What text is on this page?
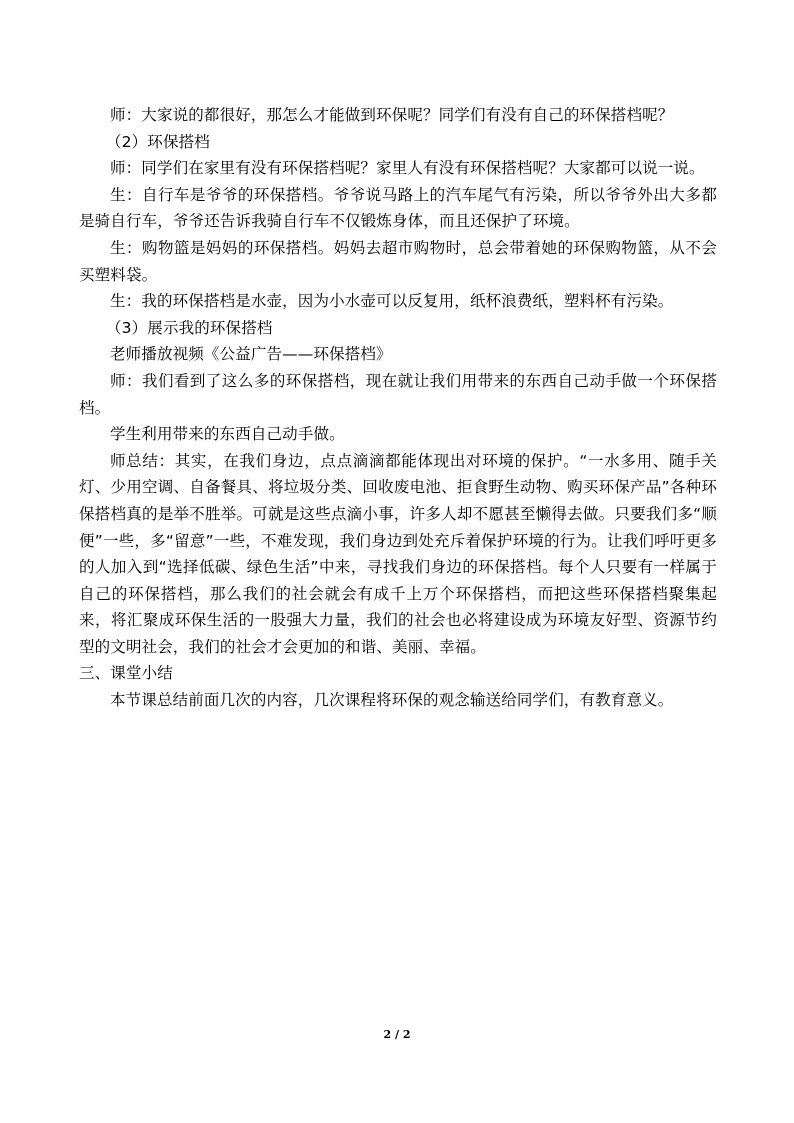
师：大家说的都很好，那怎么才能做到环保呢？同学们有没有自己的环保搭档呢？

（2）环保搭档

师：同学们在家里有没有环保搭档呢？家里人有没有环保搭档呢？大家都可以说一说。

生：自行车是爷爷的环保搭档。爷爷说马路上的汽车尾气有污染，所以爷爷外出大多都是骑自行车，爷爷还告诉我骑自行车不仅锻炼身体，而且还保护了环境。

生：购物篮是妈妈的环保搭档。妈妈去超市购物时，总会带着她的环保购物篮，从不会买塑料袋。

生：我的环保搭档是水壶，因为小水壶可以反复用，纸杯浪费纸，塑料杯有污染。

（3）展示我的环保搭档

老师播放视频《公益广告——环保搭档》

师：我们看到了这么多的环保搭档，现在就让我们用带来的东西自己动手做一个环保搭档。

学生利用带来的东西自己动手做。

师总结：其实，在我们身边，点点滴滴都能体现出对环境的保护。“一水多用、随手关灯、少用空调、自备餐具、将垃圾分类、回收废电池、拒食野生动物、购买环保产品”各种环保搭档真的是举不胜举。可就是这些点滴小事，许多人却不愿甚至懒得去做。只要我们多“顺便”一些，多“留意”一些，不难发现，我们身边到处充斥着保护环境的行为。让我们呼吁更多的人加入到“选择低碳、绿色生活”中来，寻找我们身边的环保搭档。每个人只要有一样属于自己的环保搭档，那么我们的社会就会有成千上万个环保搭档，而把这些环保搭档聚集起来，将汇聚成环保生活的一股强大力量，我们的社会也必将建设成为环境友好型、资源节约型的文明社会，我们的社会才会更加的和谐、美丽、幸福。

三、课堂小结

本节课总结前面几次的内容，几次课程将环保的观念输送给同学们，有教育意义。

2 / 2
